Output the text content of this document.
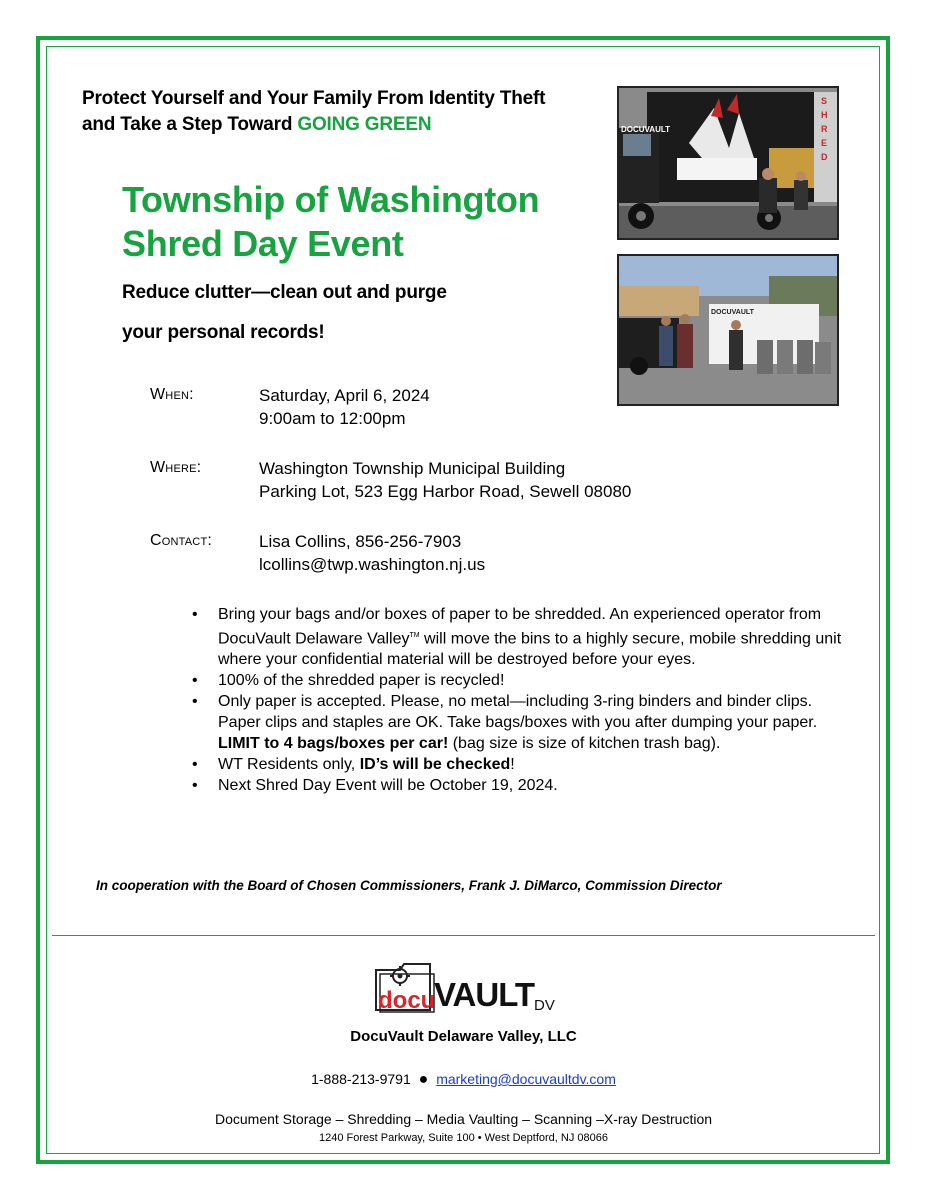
Protect Yourself and Your Family From Identity Theft
and Take a Step Toward GOING GREEN
Township of Washington
Shred Day Event
Reduce clutter—clean out and purge
your personal records!
S H R E D
DOCUVAULT
DOCUVAULT
When:	Saturday, April 6, 2024
9:00am to 12:00pm
Where:	Washington Township Municipal Building
Parking Lot, 523 Egg Harbor Road, Sewell 08080
Contact:	Lisa Collins, 856-256-7903
lcollins@twp.washington.nj.us
• Bring your bags and/or boxes of paper to be shredded. An experienced operator from DocuVault Delaware Valley™ will move the bins to a highly secure, mobile shredding unit where your confidential material will be destroyed before your eyes.
• 100% of the shredded paper is recycled!
• Only paper is accepted. Please, no metal—including 3-ring binders and binder clips. Paper clips and staples are OK. Take bags/boxes with you after dumping your paper. LIMIT to 4 bags/boxes per car! (bag size is size of kitchen trash bag).
• WT Residents only, ID’s will be checked!
• Next Shred Day Event will be October 19, 2024.
In cooperation with the Board of Chosen Commissioners, Frank J. DiMarco, Commission Director
docu
VAULT DV
DocuVault Delaware Valley, LLC
1-888-213-9791 ● marketing@docuvaultdv.com
Document Storage – Shredding – Media Vaulting – Scanning –X-ray Destruction
1240 Forest Parkway, Suite 100 • West Deptford, NJ 08066
